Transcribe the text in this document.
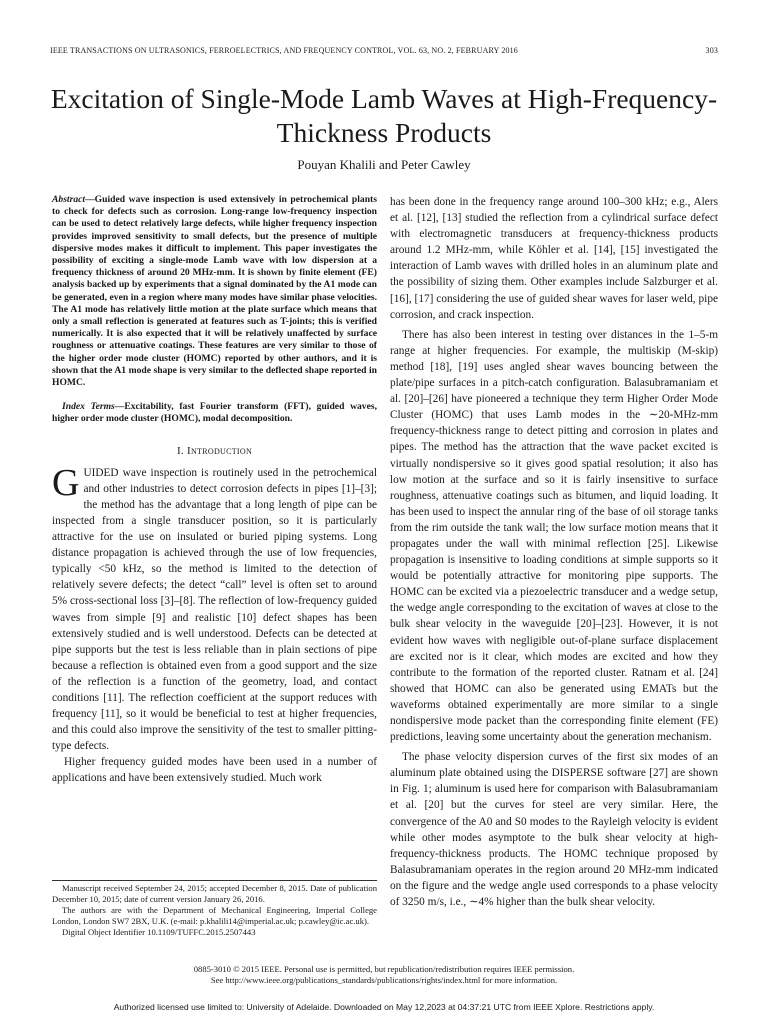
IEEE TRANSACTIONS ON ULTRASONICS, FERROELECTRICS, AND FREQUENCY CONTROL, VOL. 63, NO. 2, FEBRUARY 2016	303
Excitation of Single-Mode Lamb Waves at High-Frequency-Thickness Products
Pouyan Khalili and Peter Cawley

Abstract—Guided wave inspection is used extensively in petrochemical plants to check for defects such as corrosion. Long-range low-frequency inspection can be used to detect relatively large defects, while higher frequency inspection provides improved sensitivity to small defects, but the presence of multiple dispersive modes makes it difficult to implement. This paper investigates the possibility of exciting a single-mode Lamb wave with low dispersion at a frequency thickness of around 20 MHz-mm. It is shown by finite element (FE) analysis backed up by experiments that a signal dominated by the A1 mode can be generated, even in a region where many modes have similar phase velocities. The A1 mode has relatively little motion at the plate surface which means that only a small reflection is generated at features such as T-joints; this is verified numerically. It is also expected that it will be relatively unaffected by surface roughness or attenuative coatings. These features are very similar to those of the higher order mode cluster (HOMC) reported by other authors, and it is shown that the A1 mode shape is very similar to the deflected shape reported in HOMC.

Index Terms—Excitability, fast Fourier transform (FFT), guided waves, higher order mode cluster (HOMC), modal decomposition.

I. Introduction

GUIDED wave inspection is routinely used in the petrochemical and other industries to detect corrosion defects in pipes [1]–[3]; the method has the advantage that a long length of pipe can be inspected from a single transducer position, so it is particularly attractive for the use on insulated or buried piping systems. Long distance propagation is achieved through the use of low frequencies, typically <50 kHz, so the method is limited to the detection of relatively severe defects; the detect “call” level is often set to around 5% cross-sectional loss [3]–[8]. The reflection of low-frequency guided waves from simple [9] and realistic [10] defect shapes has been extensively studied and is well understood. Defects can be detected at pipe supports but the test is less reliable than in plain sections of pipe because a reflection is obtained even from a good support and the size of the reflection is a function of the geometry, load, and contact conditions [11]. The reflection coefficient at the support reduces with frequency [11], so it would be beneficial to test at higher frequencies, and this could also improve the sensitivity of the test to smaller pitting-type defects.

Higher frequency guided modes have been used in a number of applications and have been extensively studied. Much work

has been done in the frequency range around 100–300 kHz; e.g., Alers et al. [12], [13] studied the reflection from a cylindrical surface defect with electromagnetic transducers at frequency-thickness products around 1.2 MHz-mm, while Köhler et al. [14], [15] investigated the interaction of Lamb waves with drilled holes in an aluminum plate and the possibility of sizing them. Other examples include Salzburger et al. [16], [17] considering the use of guided shear waves for laser weld, pipe corrosion, and crack inspection.

There has also been interest in testing over distances in the 1–5-m range at higher frequencies. For example, the multiskip (M-skip) method [18], [19] uses angled shear waves bouncing between the plate/pipe surfaces in a pitch-catch configuration. Balasubramaniam et al. [20]–[26] have pioneered a technique they term Higher Order Mode Cluster (HOMC) that uses Lamb modes in the ∼20-MHz-mm frequency-thickness range to detect pitting and corrosion in plates and pipes. The method has the attraction that the wave packet excited is virtually nondispersive so it gives good spatial resolution; it also has low motion at the surface and so it is fairly insensitive to surface roughness, attenuative coatings such as bitumen, and liquid loading. It has been used to inspect the annular ring of the base of oil storage tanks from the rim outside the tank wall; the low surface motion means that it propagates under the wall with minimal reflection [25]. Likewise propagation is insensitive to loading conditions at simple supports so it would be potentially attractive for monitoring pipe supports. The HOMC can be excited via a piezoelectric transducer and a wedge setup, the wedge angle corresponding to the excitation of waves at close to the bulk shear velocity in the waveguide [20]–[23]. However, it is not evident how waves with negligible out-of-plane surface displacement are excited nor is it clear, which modes are excited and how they contribute to the formation of the reported cluster. Ratnam et al. [24] showed that HOMC can also be generated using EMATs but the waveforms obtained experimentally are more similar to a single nondispersive mode packet than the corresponding finite element (FE) predictions, leaving some uncertainty about the generation mechanism.

The phase velocity dispersion curves of the first six modes of an aluminum plate obtained using the DISPERSE software [27] are shown in Fig. 1; aluminum is used here for comparison with Balasubramaniam et al. [20] but the curves for steel are very similar. Here, the convergence of the A0 and S0 modes to the Rayleigh velocity is evident while other modes asymptote to the bulk shear velocity at high-frequency-thickness products. The HOMC technique proposed by Balasubramaniam operates in the region around 20 MHz-mm indicated on the figure and the wedge angle used corresponds to a phase velocity of 3250 m/s, i.e., ∼4% higher than the bulk shear velocity.

Manuscript received September 24, 2015; accepted December 8, 2015. Date of publication December 10, 2015; date of current version January 26, 2016.

The authors are with the Department of Mechanical Engineering, Imperial College London, London SW7 2BX, U.K. (e-mail: p.khalili14@imperial.ac.uk; p.cawley@ic.ac.uk).

Digital Object Identifier 10.1109/TUFFC.2015.2507443

0885-3010 © 2015 IEEE. Personal use is permitted, but republication/redistribution requires IEEE permission.
See http://www.ieee.org/publications_standards/publications/rights/index.html for more information.
Authorized licensed use limited to: University of Adelaide. Downloaded on May 12,2023 at 04:37:21 UTC from IEEE Xplore. Restrictions apply.
